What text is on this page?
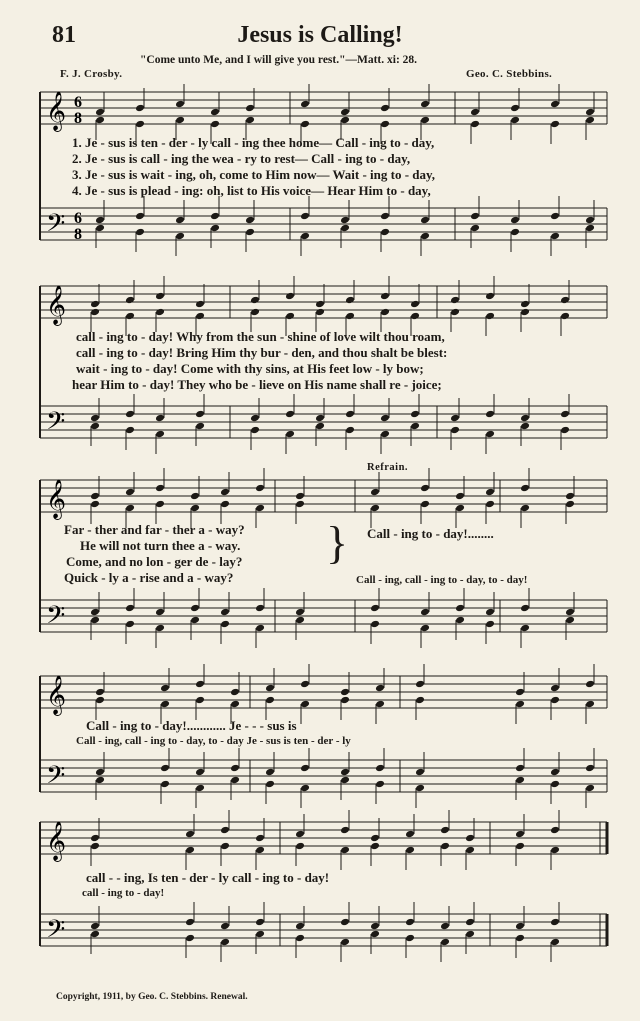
81	Jesus is Calling!
"Come unto Me, and I will give you rest."—Matt. xi: 28.
F. J. Crosby.	Geo. C. Stebbins.
𝄞
𝄢
6
8
6
8
1. Je - sus is ten - der - ly call - ing thee home— Call - ing to - day,
2. Je - sus is call - ing the wea - ry to rest— Call - ing to - day,
3. Je - sus is wait - ing, oh, come to Him now— Wait - ing to - day,
4. Je - sus is plead - ing: oh, list to His voice— Hear Him to - day,
𝄞
𝄢
call - ing to - day! Why from the sun - shine of love wilt thou roam,
call - ing to - day! Bring Him thy bur - den, and thou shalt be blest:
wait - ing to - day! Come with thy sins, at His feet low - ly bow;
hear Him to - day! They who be - lieve on His name shall re - joice;
Refrain.
𝄞
𝄢
Far - ther and far - ther a - way?
He will not turn thee a - way.
Come, and no lon - ger de - lay?
Quick - ly a - rise and a - way?
} Call - ing to - day!........
Call - ing, call - ing to - day, to - day!
𝄞
𝄢
Call - ing to - day!............ Je - - - sus is
Call - ing, call - ing to - day, to - day Je - sus is ten - der - ly
𝄞
𝄢
call - - ing, Is ten - der - ly call - ing to - day!
call - ing to - day!
Copyright, 1911, by Geo. C. Stebbins. Renewal.
